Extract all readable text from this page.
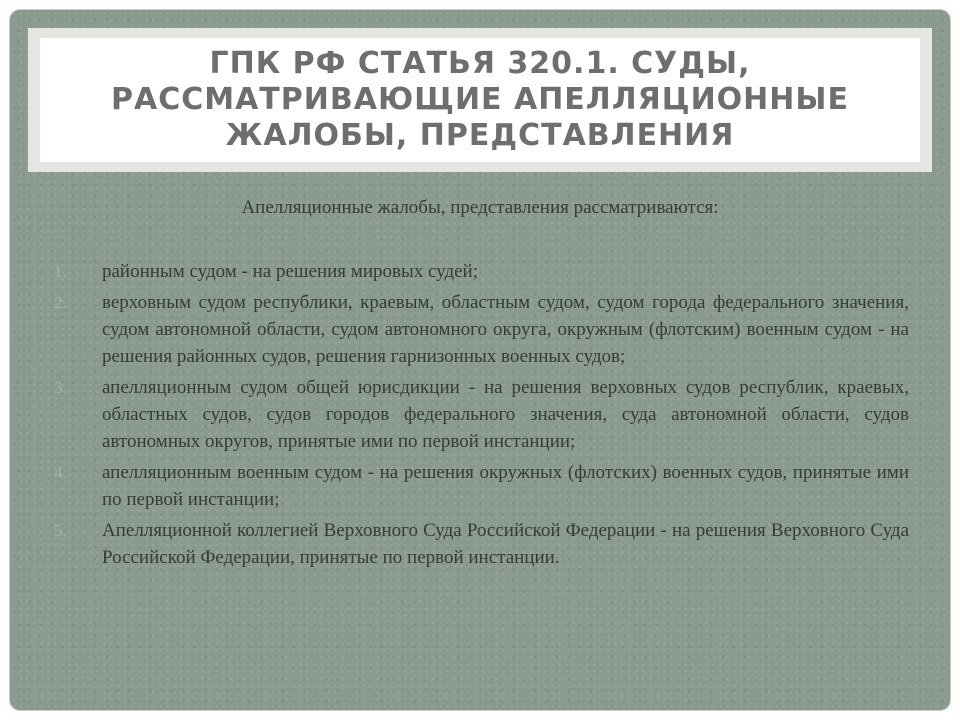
ГПК РФ СТАТЬЯ 320.1. СУДЫ, РАССМАТРИВАЮЩИЕ АПЕЛЛЯЦИОННЫЕ ЖАЛОБЫ, ПРЕДСТАВЛЕНИЯ
Апелляционные жалобы, представления рассматриваются:
1. районным судом - на решения мировых судей;
2. верховным судом республики, краевым, областным судом, судом города федерального значения, судом автономной области, судом автономного округа, окружным (флотским) военным судом - на решения районных судов, решения гарнизонных военных судов;
3. апелляционным судом общей юрисдикции - на решения верховных судов республик, краевых, областных судов, судов городов федерального значения, суда автономной области, судов автономных округов, принятые ими по первой инстанции;
4. апелляционным военным судом - на решения окружных (флотских) военных судов, принятые ими по первой инстанции;
5. Апелляционной коллегией Верховного Суда Российской Федерации - на решения Верховного Суда Российской Федерации, принятые по первой инстанции.
